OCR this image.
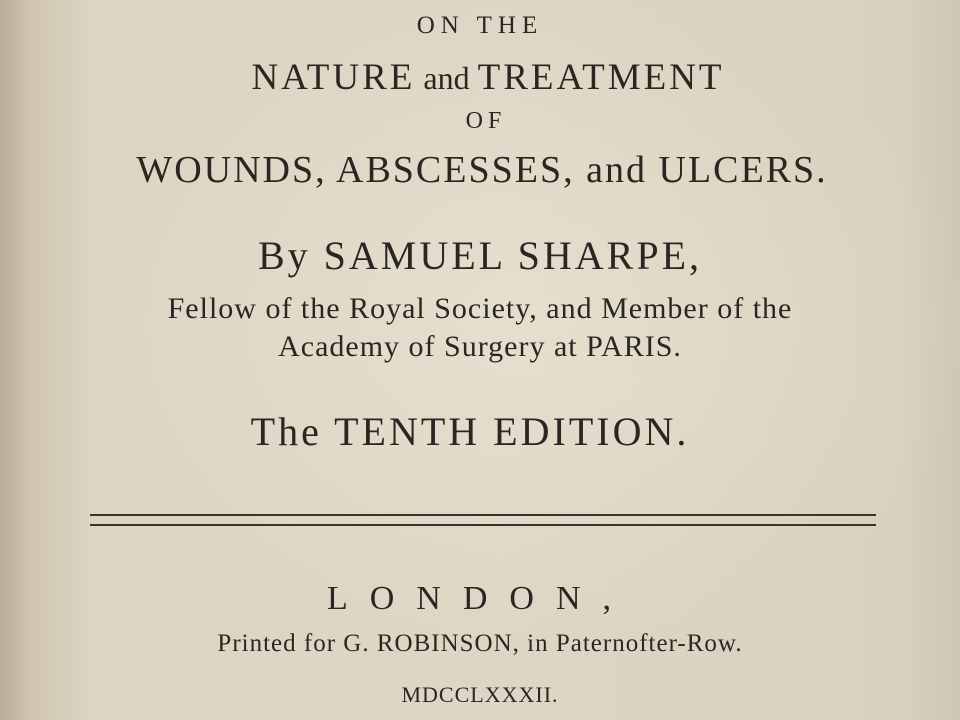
ON THE
NATURE and TREATMENT
OF
WOUNDS, ABSCESSES, and ULCERS.
By SAMUEL SHARPE,
Fellow of the Royal Society, and Member of the
Academy of Surgery at PARIS.
The TENTH EDITION.
LONDON,
Printed for G. ROBINSON, in Paternofter-Row.
MDCCLXXXII.
